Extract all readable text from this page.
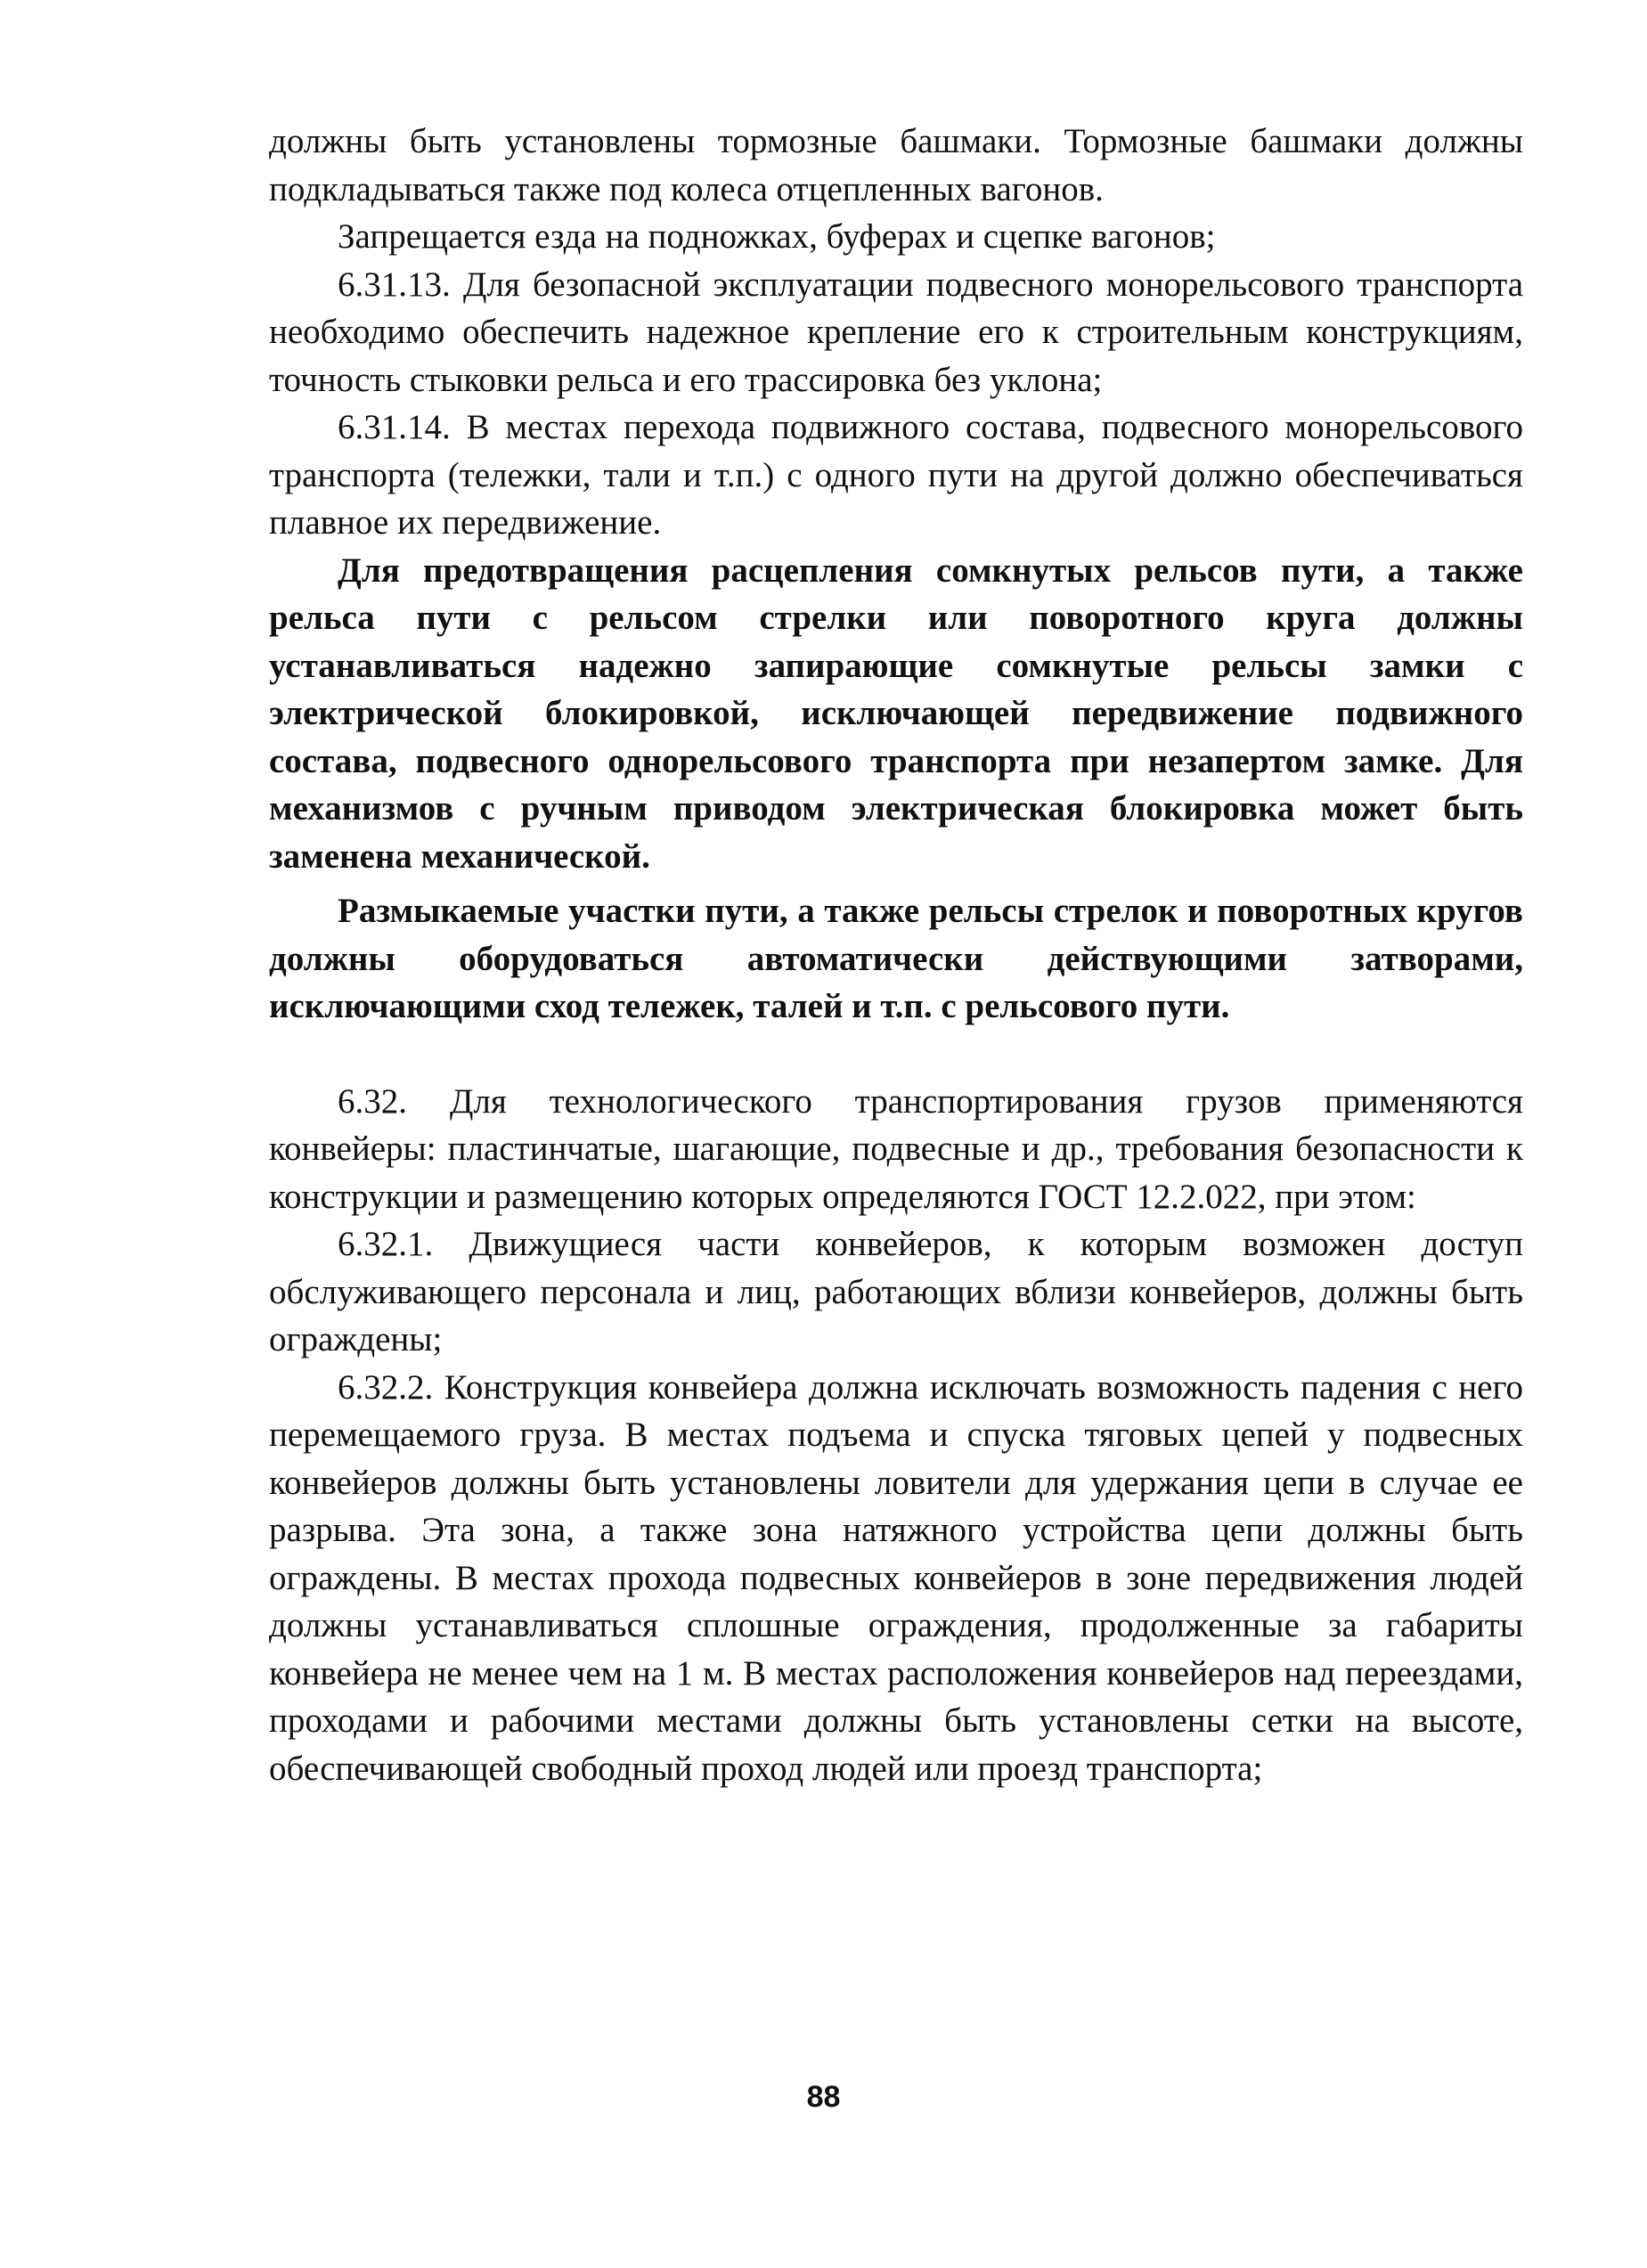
должны быть установлены тормозные башмаки. Тормозные башмаки должны подкладываться также под колеса отцепленных вагонов.

Запрещается езда на подножках, буферах и сцепке вагонов;

6.31.13. Для безопасной эксплуатации подвесного монорельсового транспорта необходимо обеспечить надежное крепление его к строительным конструкциям, точность стыковки рельса и его трассировка без уклона;

6.31.14. В местах перехода подвижного состава, подвесного монорельсового транспорта (тележки, тали и т.п.) с одного пути на другой должно обеспечиваться плавное их передвижение.

Для предотвращения расцепления сомкнутых рельсов пути, а также рельса пути с рельсом стрелки или поворотного круга должны устанавливаться надежно запирающие сомкнутые рельсы замки с электрической блокировкой, исключающей передвижение подвижного состава, подвесного однорельсового транспорта при незапертом замке. Для механизмов с ручным приводом электрическая блокировка может быть заменена механической.

Размыкаемые участки пути, а также рельсы стрелок и поворотных кругов должны оборудоваться автоматически действующими затворами, исключающими сход тележек, талей и т.п. с рельсового пути.

6.32. Для технологического транспортирования грузов применяются конвейеры: пластинчатые, шагающие, подвесные и др., требования безопасности к конструкции и размещению которых определяются ГОСТ 12.2.022, при этом:

6.32.1. Движущиеся части конвейеров, к которым возможен доступ обслуживающего персонала и лиц, работающих вблизи конвейеров, должны быть ограждены;

6.32.2. Конструкция конвейера должна исключать возможность падения с него перемещаемого груза. В местах подъема и спуска тяговых цепей у подвесных конвейеров должны быть установлены ловители для удержания цепи в случае ее разрыва. Эта зона, а также зона натяжного устройства цепи должны быть ограждены. В местах прохода подвесных конвейеров в зоне передвижения людей должны устанавливаться сплошные ограждения, продолженные за габариты конвейера не менее чем на 1 м. В местах расположения конвейеров над переездами, проходами и рабочими местами должны быть установлены сетки на высоте, обеспечивающей свободный проход людей или проезд транспорта;

88
